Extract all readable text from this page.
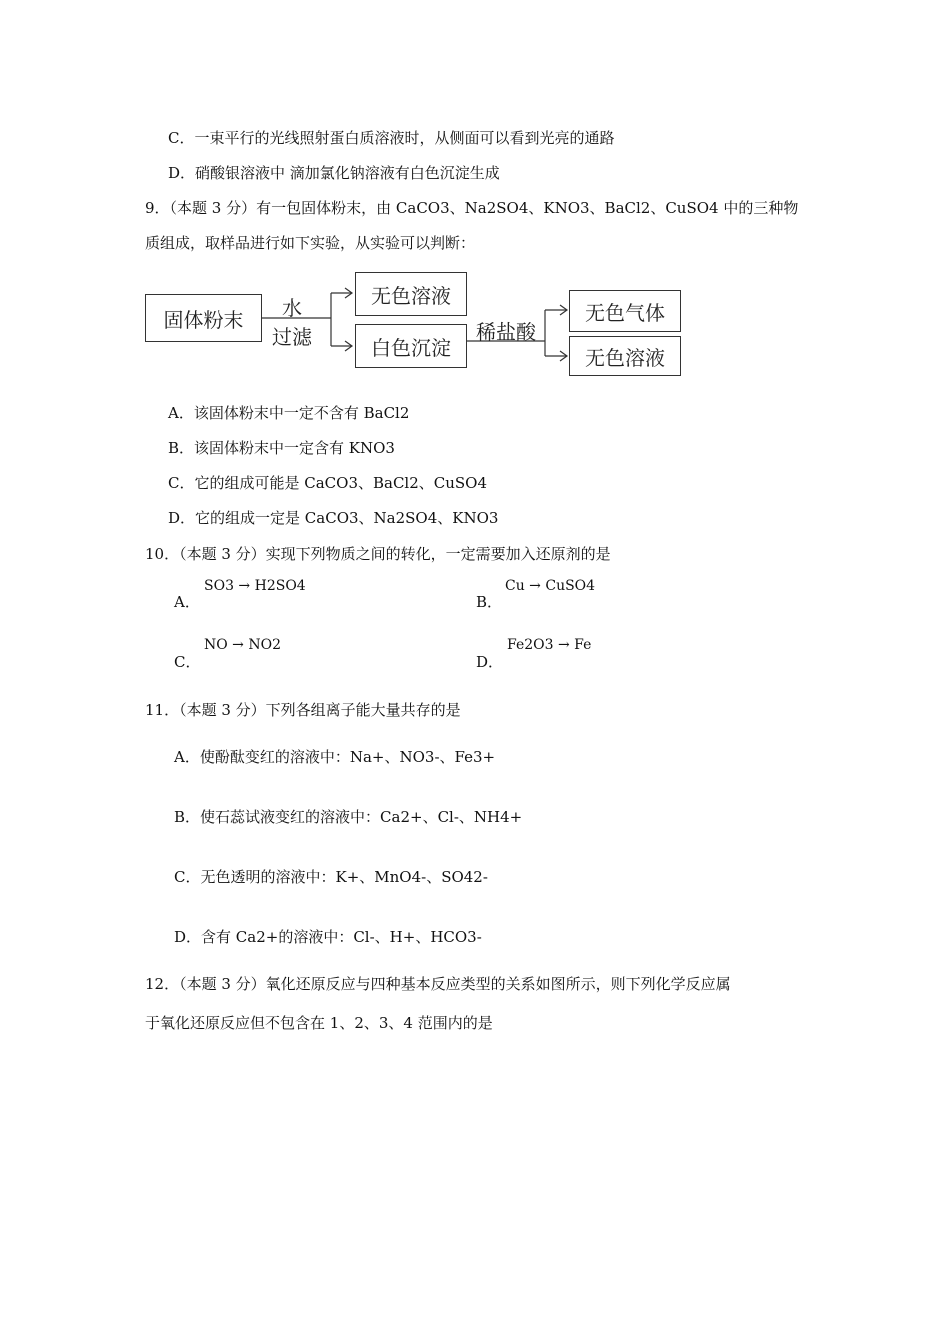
C．一束平行的光线照射蛋白质溶液时，从侧面可以看到光亮的通路
D．硝酸银溶液中 滴加氯化钠溶液有白色沉淀生成
9．（本题 3 分）有一包固体粉末，由 CaCO3、Na2SO4、KNO3、BaCl2、CuSO4 中的三种物
质组成，取样品进行如下实验，从实验可以判断：
固体粉末	水
过滤
无色溶液
白色沉淀
稀盐酸
无色气体
无色溶液
A．该固体粉末中一定不含有 BaCl2
B．该固体粉末中一定含有 KNO3
C．它的组成可能是 CaCO3、BaCl2、CuSO4
D．它的组成一定是 CaCO3、Na2SO4、KNO3
10．（本题 3 分）实现下列物质之间的转化，一定需要加入还原剂的是
A．
SO3 → H2SO4
B．
Cu → CuSO4
C．
NO → NO2
D．
Fe2O3 → Fe
11．（本题 3 分）下列各组离子能大量共存的是
A．使酚酞变红的溶液中：Na+、NO3-、Fe3+
B．使石蕊试液变红的溶液中：Ca2+、Cl-、NH4+
C．无色透明的溶液中：K+、MnO4-、SO42-
D．含有 Ca2+的溶液中：Cl-、H+、HCO3-
12．（本题 3 分）氧化还原反应与四种基本反应类型的关系如图所示，则下列化学反应属
于氧化还原反应但不包含在 1、2、3、4 范围内的是
